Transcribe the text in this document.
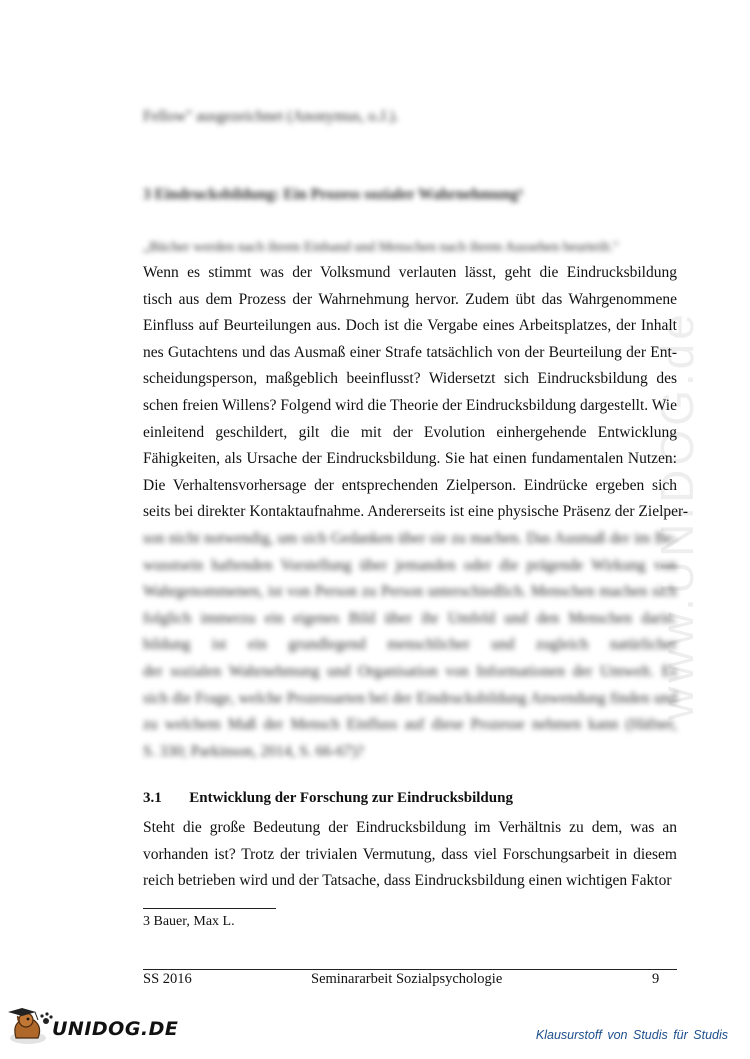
www.UNIDOG.de
Fellow" ausgezeichnet (Anonymus, o.J.).
3 Eindrucksbildung: Ein Prozess sozialer Wahrnehmung³
„Bücher werden nach ihrem Einband und Menschen nach ihrem Aussehen beurteilt."
Wenn es stimmt was der Volksmund verlauten lässt, geht die Eindrucksbildung
tisch aus dem Prozess der Wahrnehmung hervor. Zudem übt das Wahrgenommene
Einfluss auf Beurteilungen aus. Doch ist die Vergabe eines Arbeitsplatzes, der Inhalt
nes Gutachtens und das Ausmaß einer Strafe tatsächlich von der Beurteilung der Ent-
scheidungsperson, maßgeblich beeinflusst? Widersetzt sich Eindrucksbildung des
schen freien Willens? Folgend wird die Theorie der Eindrucksbildung dargestellt. Wie
einleitend geschildert, gilt die mit der Evolution einhergehende Entwicklung
Fähigkeiten, als Ursache der Eindrucksbildung. Sie hat einen fundamentalen Nutzen:
Die Verhaltensvorhersage der entsprechenden Zielperson. Eindrücke ergeben sich
seits bei direkter Kontaktaufnahme. Andererseits ist eine physische Präsenz der Zielper-
son nicht notwendig, um sich Gedanken über sie zu machen. Das Ausmaß der im Be-
wusstsein haftenden Vorstellung über jemanden oder die prägende Wirkung von
Wahrgenommenen, ist von Person zu Person unterschiedlich. Menschen machen sich
folglich immerzu ein eigenes Bild über ihr Umfeld und den Menschen darin.
bildung ist ein grundlegend menschlicher und zugleich natürlicher
der sozialen Wahrnehmung und Organisation von Informationen der Umwelt. Es
sich die Frage, welche Prozessarten bei der Eindrucksbildung Anwendung finden und
zu welchem Maß der Mensch Einfluss auf diese Prozesse nehmen kann (Häfner,
S. 330; Parkinson, 2014, S. 66-67)?
3.1 Entwicklung der Forschung zur Eindrucksbildung
Steht die große Bedeutung der Eindrucksbildung im Verhältnis zu dem, was an
vorhanden ist? Trotz der trivialen Vermutung, dass viel Forschungsarbeit in diesem
reich betrieben wird und der Tatsache, dass Eindrucksbildung einen wichtigen Faktor
3 Bauer, Max L.
SS 2016	Seminararbeit Sozialpsychologie	9
UNIDOG.DE	Klausurstoff von Studis für Studis
